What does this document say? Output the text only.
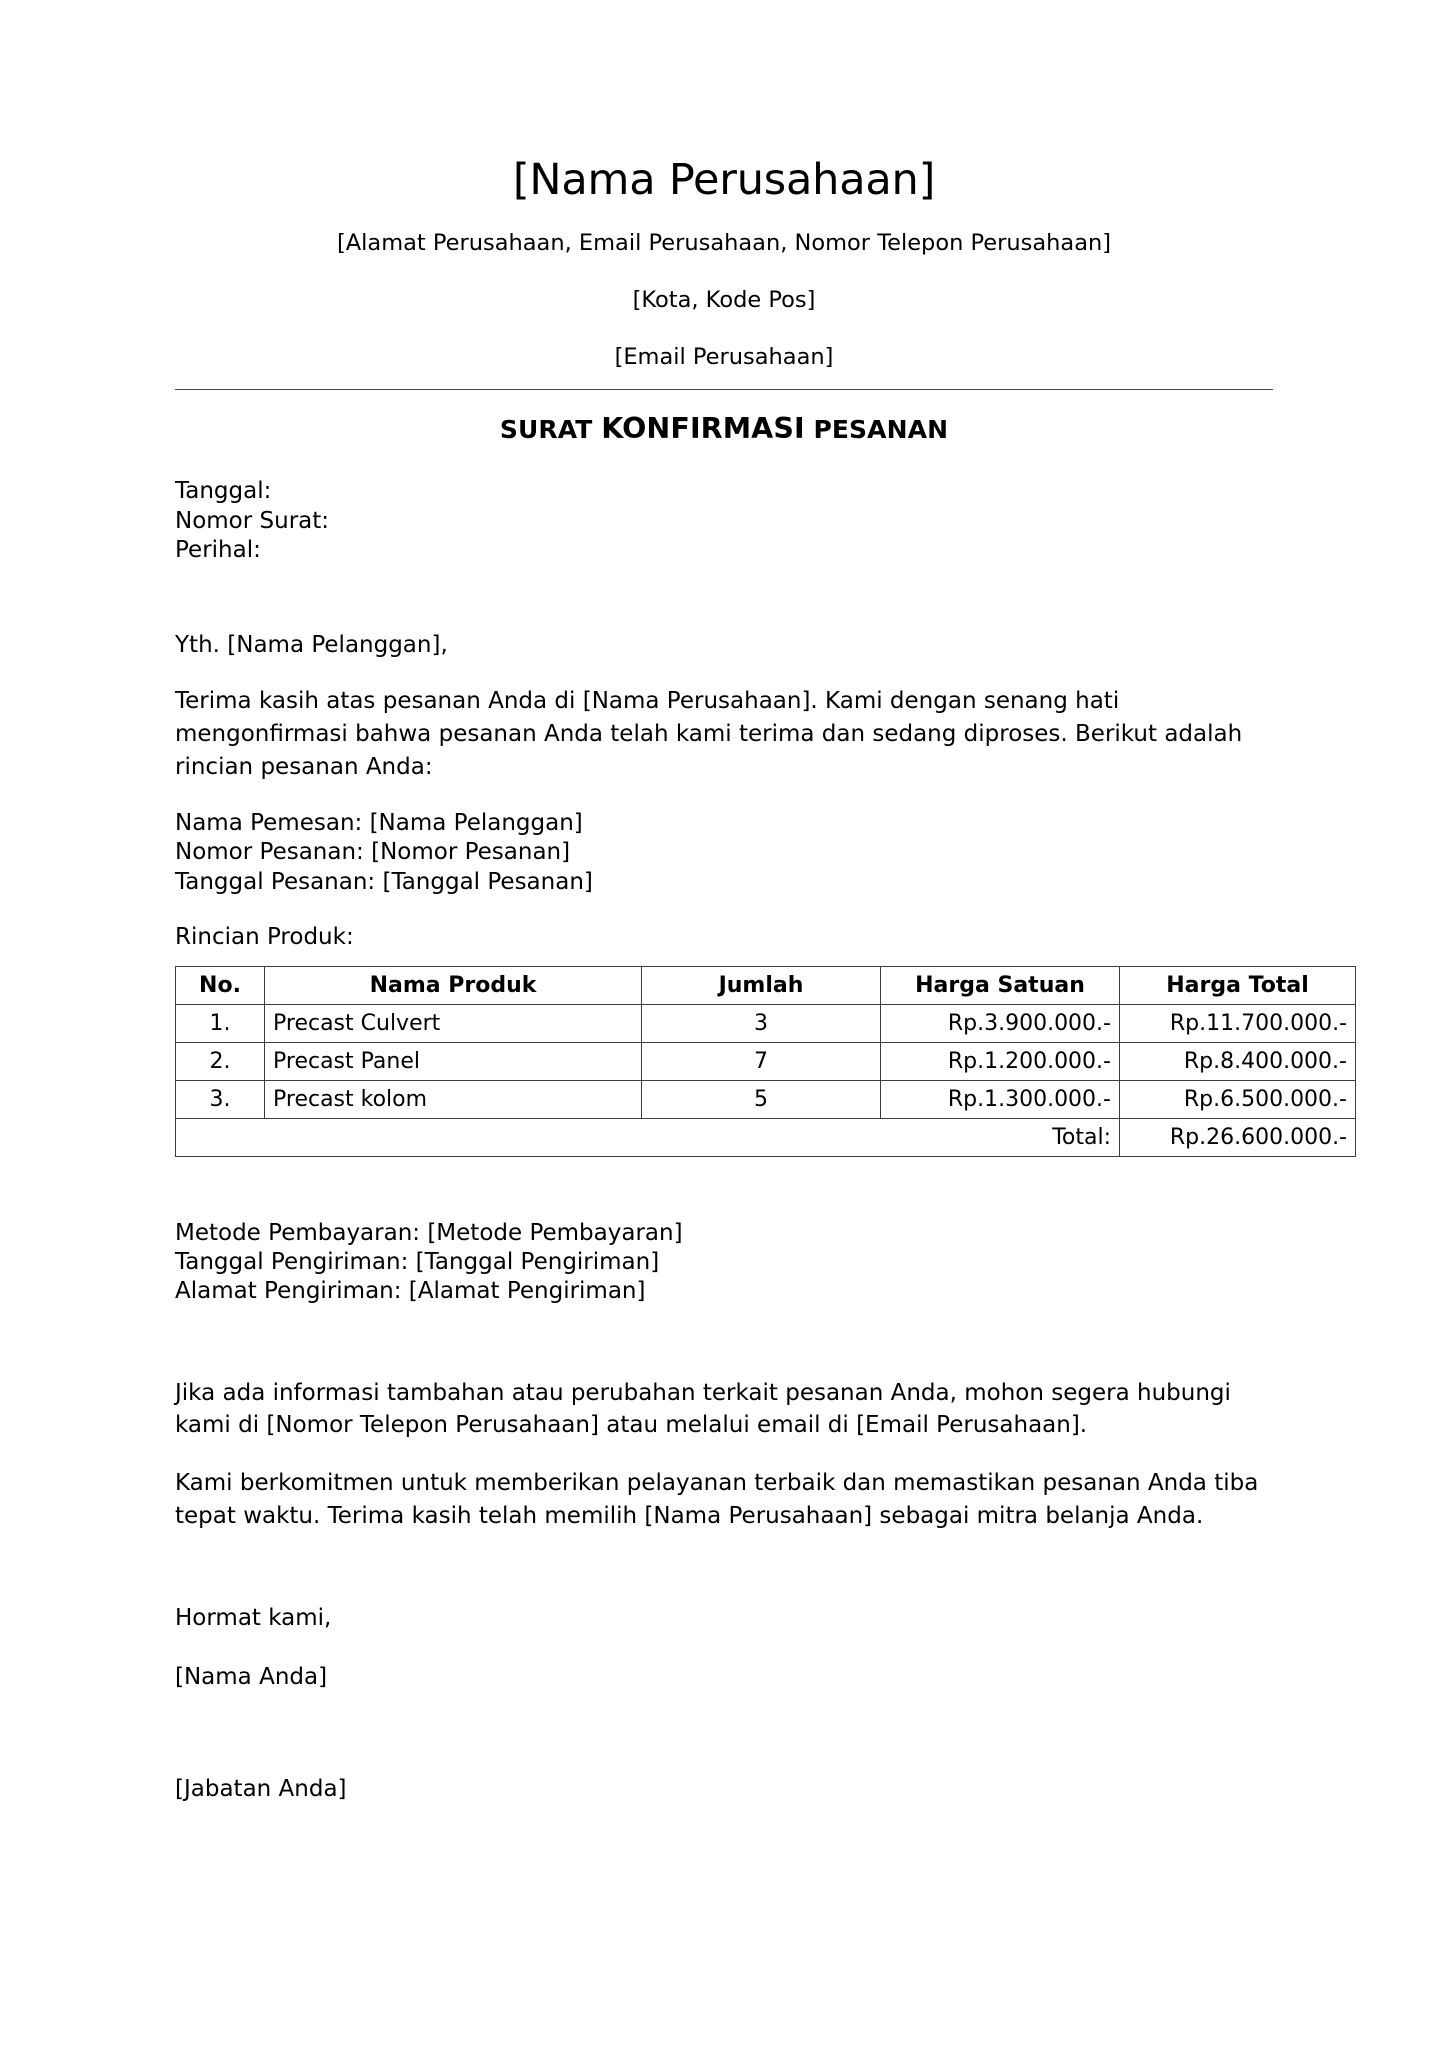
[Nama Perusahaan]
[Alamat Perusahaan, Email Perusahaan, Nomor Telepon Perusahaan]
[Kota, Kode Pos]
[Email Perusahaan]
SURAT KONFIRMASI PESANAN
Tanggal:
Nomor Surat:
Perihal:
Yth. [Nama Pelanggan],
Terima kasih atas pesanan Anda di [Nama Perusahaan]. Kami dengan senang hati mengonfirmasi bahwa pesanan Anda telah kami terima dan sedang diproses. Berikut adalah rincian pesanan Anda:
Nama Pemesan: [Nama Pelanggan]
Nomor Pesanan: [Nomor Pesanan]
Tanggal Pesanan: [Tanggal Pesanan]
Rincian Produk:
No.	Nama Produk	Jumlah	Harga Satuan	Harga Total
1.	Precast Culvert	3	Rp.3.900.000.-	Rp.11.700.000.-
2.	Precast Panel	7	Rp.1.200.000.-	Rp.8.400.000.-
3.	Precast kolom	5	Rp.1.300.000.-	Rp.6.500.000.-
Total:				Rp.26.600.000.-
Metode Pembayaran: [Metode Pembayaran]
Tanggal Pengiriman: [Tanggal Pengiriman]
Alamat Pengiriman: [Alamat Pengiriman]
Jika ada informasi tambahan atau perubahan terkait pesanan Anda, mohon segera hubungi kami di [Nomor Telepon Perusahaan] atau melalui email di [Email Perusahaan].
Kami berkomitmen untuk memberikan pelayanan terbaik dan memastikan pesanan Anda tiba tepat waktu. Terima kasih telah memilih [Nama Perusahaan] sebagai mitra belanja Anda.
Hormat kami,
[Nama Anda]
[Jabatan Anda]
